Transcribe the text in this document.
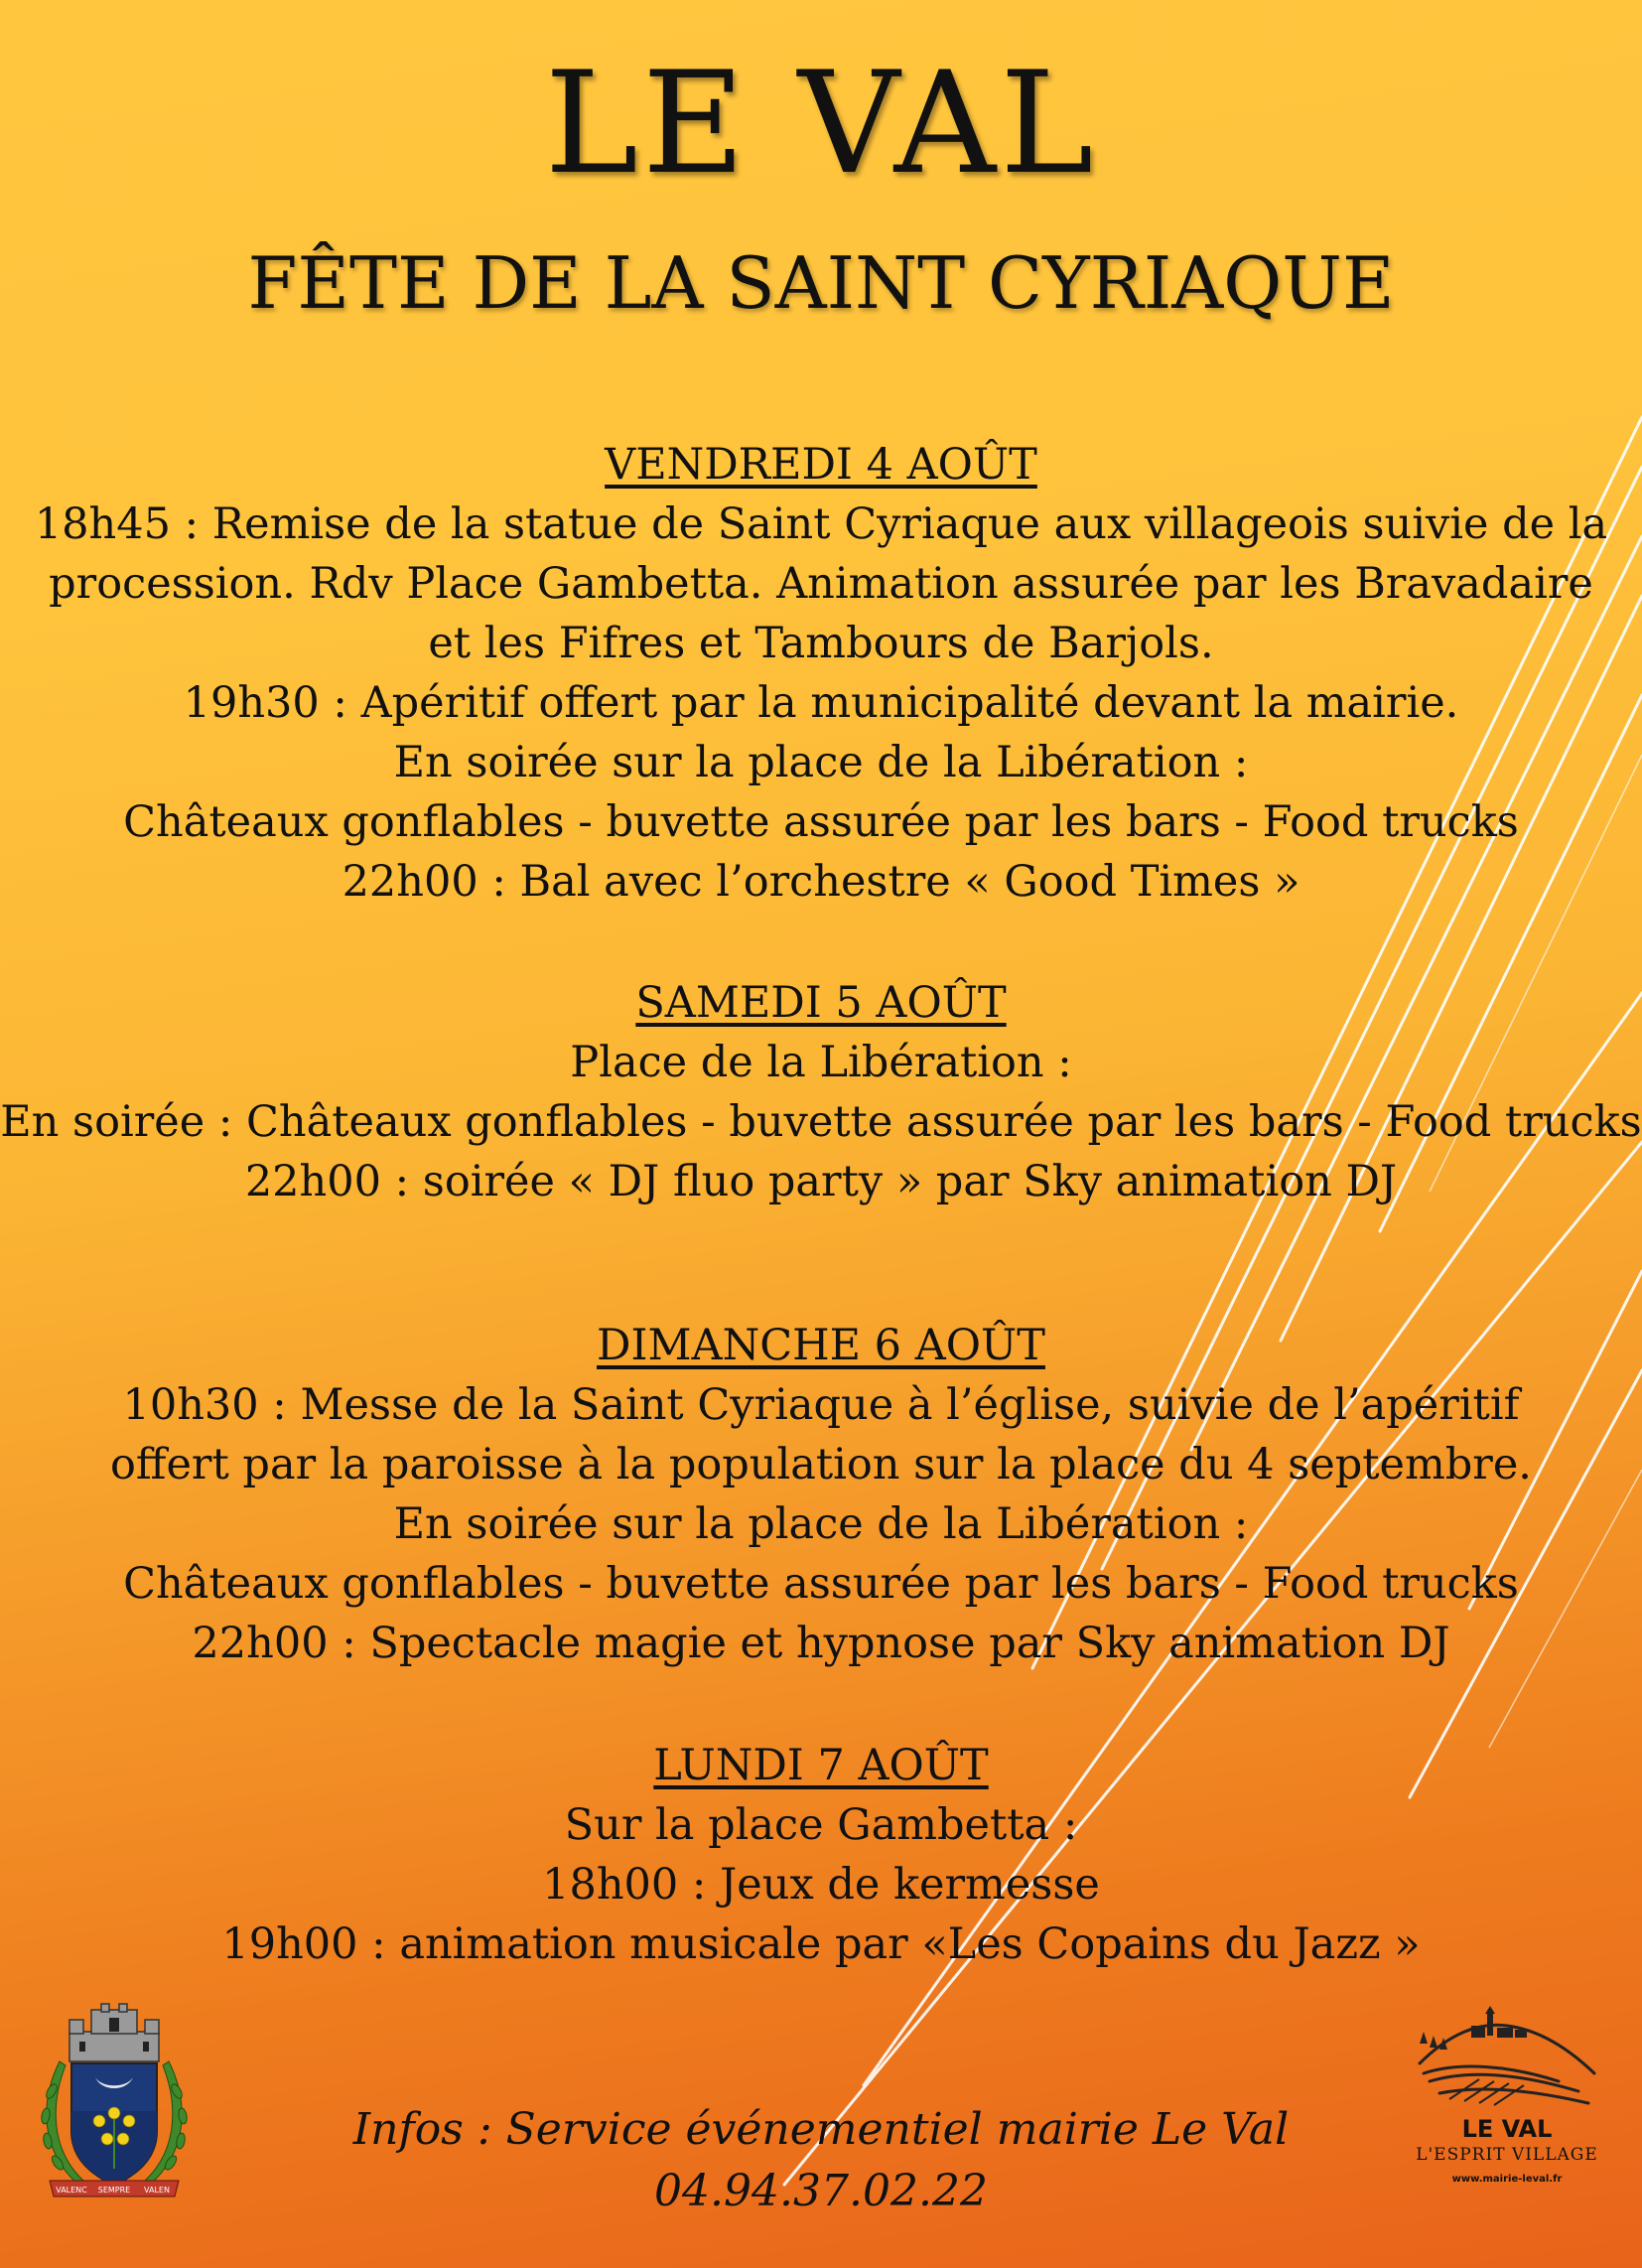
LE VAL
FÊTE DE LA SAINT CYRIAQUE

VENDREDI 4 AOÛT

18h45 : Remise de la statue de Saint Cyriaque aux villageois suivie de la

procession. Rdv Place Gambetta. Animation assurée par les Bravadaire

et les Fifres et Tambours de Barjols.

19h30 : Apéritif offert par la municipalité devant la mairie.

En soirée sur la place de la Libération :

Châteaux gonflables - buvette assurée par les bars - Food trucks

22h00 : Bal avec l’orchestre « Good Times »

SAMEDI 5 AOÛT

Place de la Libération :

En soirée : Châteaux gonflables - buvette assurée par les bars - Food trucks

22h00 : soirée « DJ fluo party » par Sky animation DJ

DIMANCHE 6 AOÛT

10h30 : Messe de la Saint Cyriaque à l’église, suivie de l’apéritif

offert par la paroisse à la population sur la place du 4 septembre.

En soirée sur la place de la Libération :

Châteaux gonflables - buvette assurée par les bars - Food trucks

22h00 : Spectacle magie et hypnose par Sky animation DJ

LUNDI 7 AOÛT

Sur la place Gambetta :

18h00 : Jeux de kermesse

19h00 : animation musicale par «Les Copains du Jazz »

Infos : Service événementiel mairie Le Val

04.94.37.02.22

VALENC SEMPRE VALEN
LE VAL
L'ESPRIT VILLAGE
www.mairie-leval.fr
